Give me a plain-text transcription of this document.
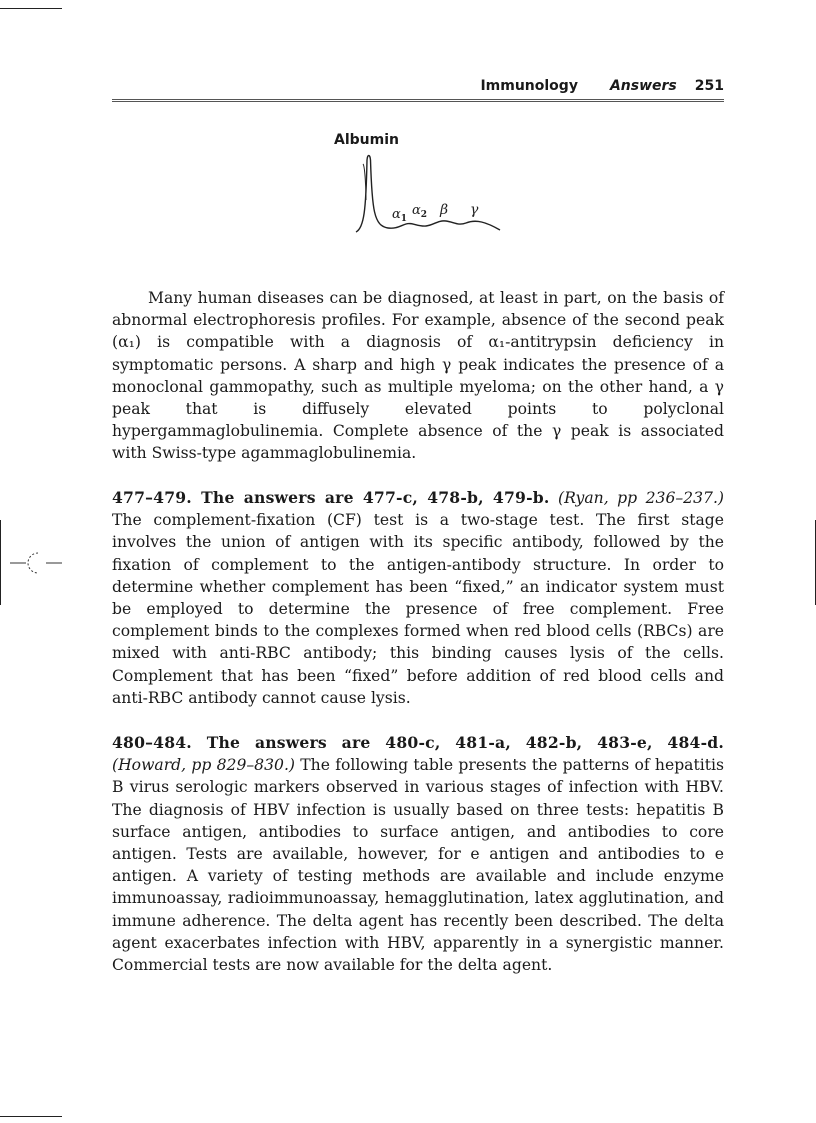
Immunology Answers 251
Albumin
$\alpha_1$
$\alpha_2$ β γ
Many human diseases can be diagnosed, at least in part, on the basis of abnormal electrophoresis profiles. For example, absence of the second peak (α₁) is compatible with a diagnosis of α₁-antitrypsin deficiency in symptomatic persons. A sharp and high γ peak indicates the presence of a monoclonal gammopathy, such as multiple myeloma; on the other hand, a γ peak that is diffusely elevated points to polyclonal hypergammaglobulinemia. Complete absence of the γ peak is associated with Swiss-type agammaglobulinemia.
477–479. The answers are 477-c, 478-b, 479-b. (Ryan, pp 236–237.) The complement-fixation (CF) test is a two-stage test. The first stage involves the union of antigen with its specific antibody, followed by the fixation of complement to the antigen-antibody structure. In order to determine whether complement has been “fixed,” an indicator system must be employed to determine the presence of free complement. Free complement binds to the complexes formed when red blood cells (RBCs) are mixed with anti-RBC antibody; this binding causes lysis of the cells. Complement that has been “fixed” before addition of red blood cells and anti-RBC antibody cannot cause lysis.
480–484. The answers are 480-c, 481-a, 482-b, 483-e, 484-d. (Howard, pp 829–830.) The following table presents the patterns of hepatitis B virus serologic markers observed in various stages of infection with HBV. The diagnosis of HBV infection is usually based on three tests: hepatitis B surface antigen, antibodies to surface antigen, and antibodies to core antigen. Tests are available, however, for e antigen and antibodies to e antigen. A variety of testing methods are available and include enzyme immunoassay, radioimmunoassay, hemagglutination, latex agglutination, and immune adherence. The delta agent has recently been described. The delta agent exacerbates infection with HBV, apparently in a synergistic manner. Commercial tests are now available for the delta agent.
